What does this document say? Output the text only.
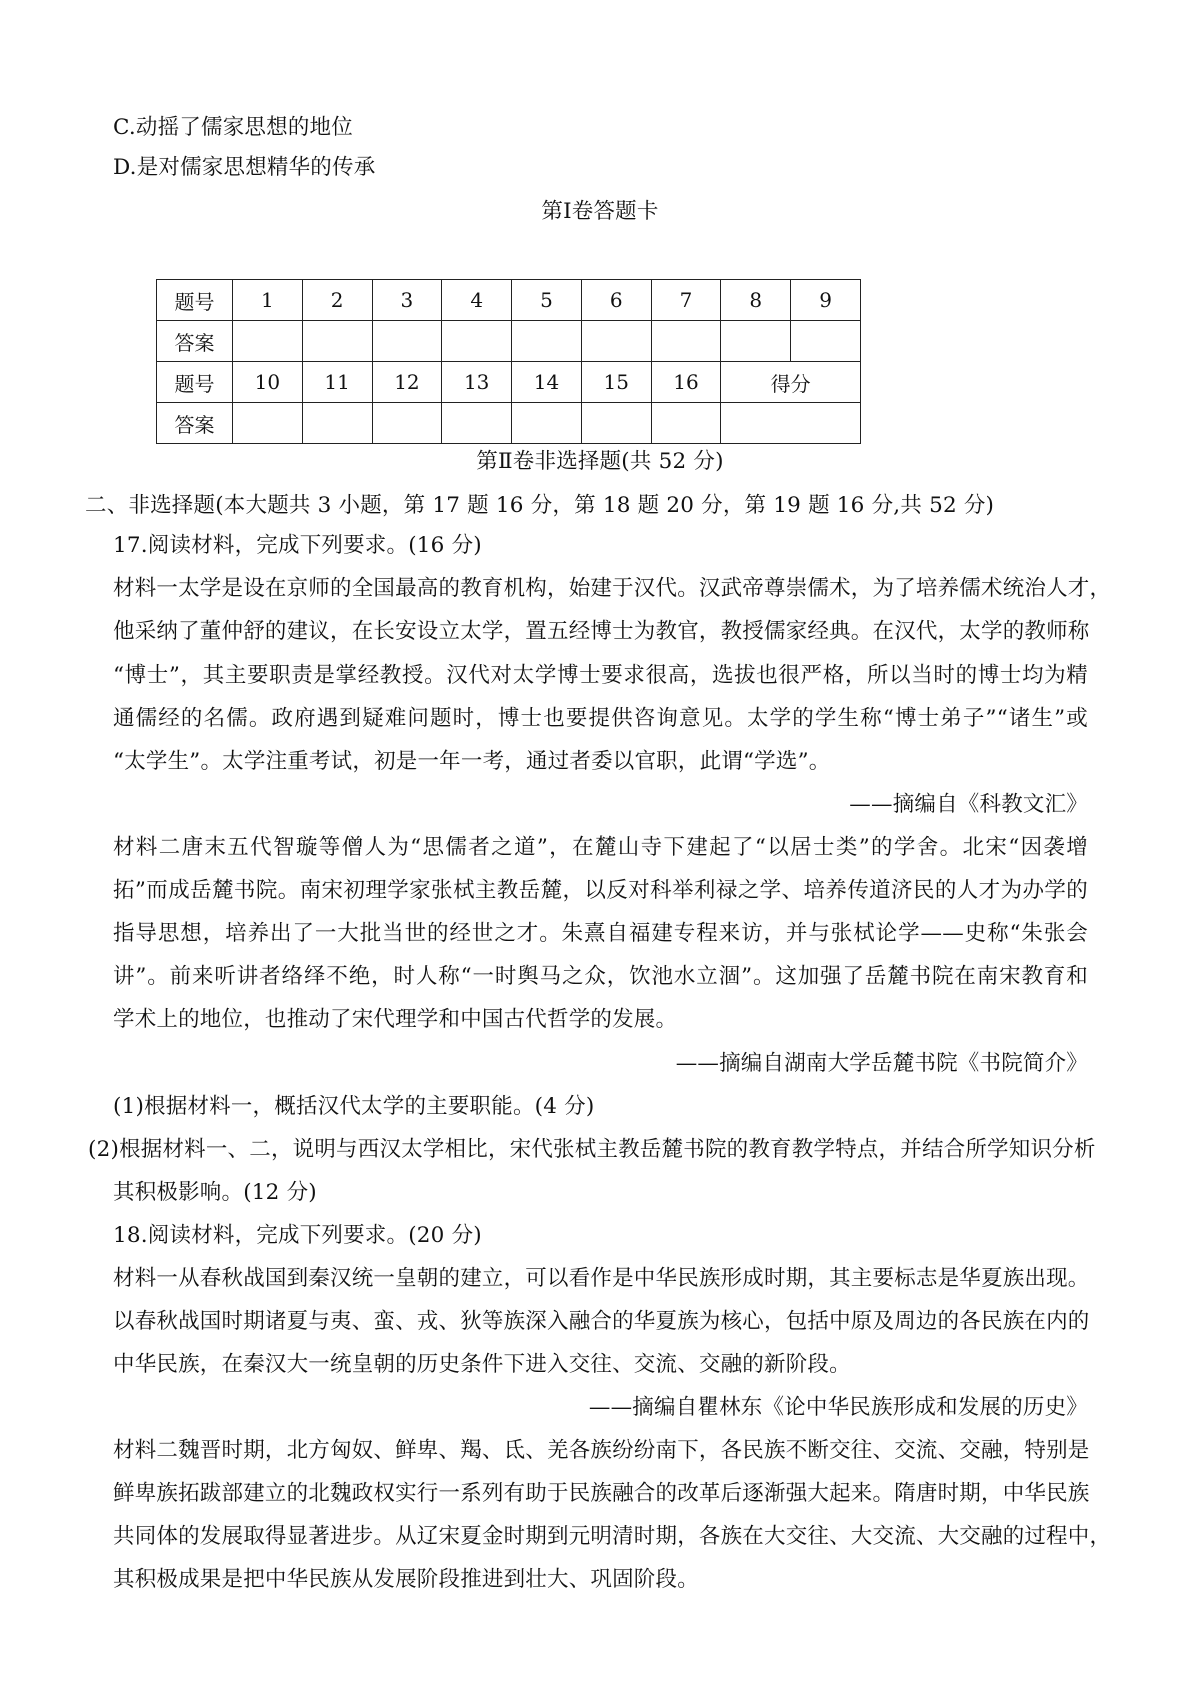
C.动摇了儒家思想的地位
D.是对儒家思想精华的传承
第Ⅰ卷答题卡
题号	1	2	3	4	5	6	7	8	9
答案									
题号	10	11	12	13	14	15	16	得分	
答案									
第Ⅱ卷非选择题(共 52 分)
二、非选择题(本大题共 3 小题，第 17 题 16 分，第 18 题 20 分，第 19 题 16 分,共 52 分)
17.阅读材料，完成下列要求。(16 分)
材料一太学是设在京师的全国最高的教育机构，始建于汉代。汉武帝尊崇儒术，为了培养儒术统治人才，
他采纳了董仲舒的建议，在长安设立太学，置五经博士为教官，教授儒家经典。在汉代，太学的教师称
“博士”，其主要职责是掌经教授。汉代对太学博士要求很高，选拔也很严格，所以当时的博士均为精
通儒经的名儒。政府遇到疑难问题时，博士也要提供咨询意见。太学的学生称“博士弟子”“诸生”或
“太学生”。太学注重考试，初是一年一考，通过者委以官职，此谓“学选”。
——摘编自《科教文汇》
材料二唐末五代智璇等僧人为“思儒者之道”，在麓山寺下建起了“以居士类”的学舍。北宋“因袭增
拓”而成岳麓书院。南宋初理学家张栻主教岳麓，以反对科举利禄之学、培养传道济民的人才为办学的
指导思想，培养出了一大批当世的经世之才。朱熹自福建专程来访，并与张栻论学——史称“朱张会
讲”。前来听讲者络绎不绝，时人称“一时舆马之众，饮池水立涸”。这加强了岳麓书院在南宋教育和
学术上的地位，也推动了宋代理学和中国古代哲学的发展。
——摘编自湖南大学岳麓书院《书院简介》
(1)根据材料一，概括汉代太学的主要职能。(4 分)
(2)根据材料一、二，说明与西汉太学相比，宋代张栻主教岳麓书院的教育教学特点，并结合所学知识分析
其积极影响。(12 分)
18.阅读材料，完成下列要求。(20 分)
材料一从春秋战国到秦汉统一皇朝的建立，可以看作是中华民族形成时期，其主要标志是华夏族出现。
以春秋战国时期诸夏与夷、蛮、戎、狄等族深入融合的华夏族为核心，包括中原及周边的各民族在内的
中华民族，在秦汉大一统皇朝的历史条件下进入交往、交流、交融的新阶段。
——摘编自瞿林东《论中华民族形成和发展的历史》
材料二魏晋时期，北方匈奴、鲜卑、羯、氐、羌各族纷纷南下，各民族不断交往、交流、交融，特别是
鲜卑族拓跋部建立的北魏政权实行一系列有助于民族融合的改革后逐渐强大起来。隋唐时期，中华民族
共同体的发展取得显著进步。从辽宋夏金时期到元明清时期，各族在大交往、大交流、大交融的过程中，
其积极成果是把中华民族从发展阶段推进到壮大、巩固阶段。
